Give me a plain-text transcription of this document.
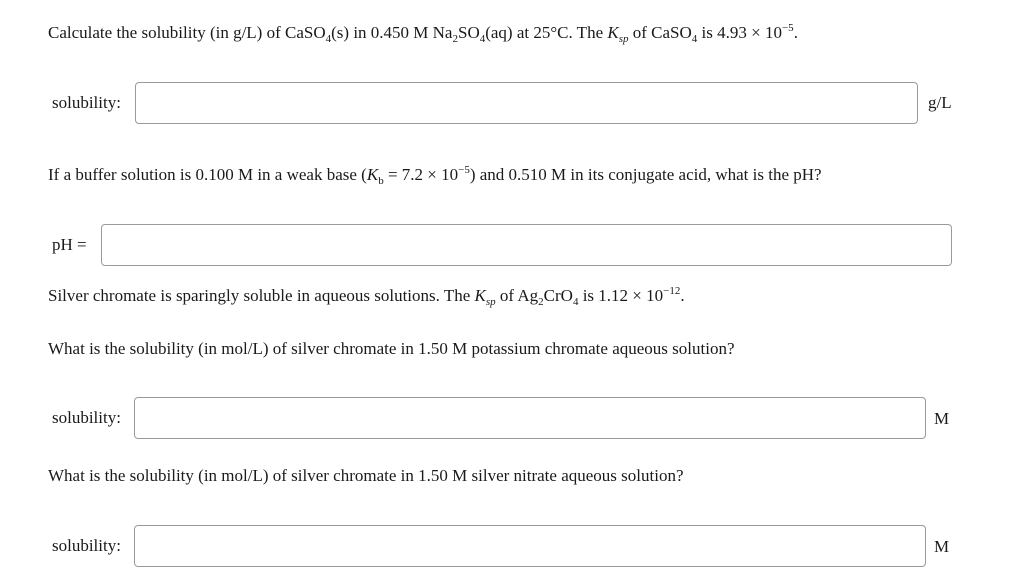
Calculate the solubility (in g/L) of CaSO$_4$(s) in 0.450 M $Na_2SO_4(aq)$ at 25°C. The $K_{sp}$ of CaSO$_4$ is $4.93 \times 10^{-5}$.
solubility:	g/L
If a buffer solution is 0.100 M in a weak base $(K_b = 7.2 \times 10^{-5})$ and 0.510 M in its conjugate acid, what is the pH?
pH =
Silver chromate is sparingly soluble in aqueous solutions. The $K_{sp}$ of $Ag_2CrO_4$ is $1.12 \times 10^{-12}$.
What is the solubility (in mol/L) of silver chromate in 1.50 M potassium chromate aqueous solution?
solubility:	M
What is the solubility (in mol/L) of silver chromate in 1.50 M silver nitrate aqueous solution?
solubility:	M
